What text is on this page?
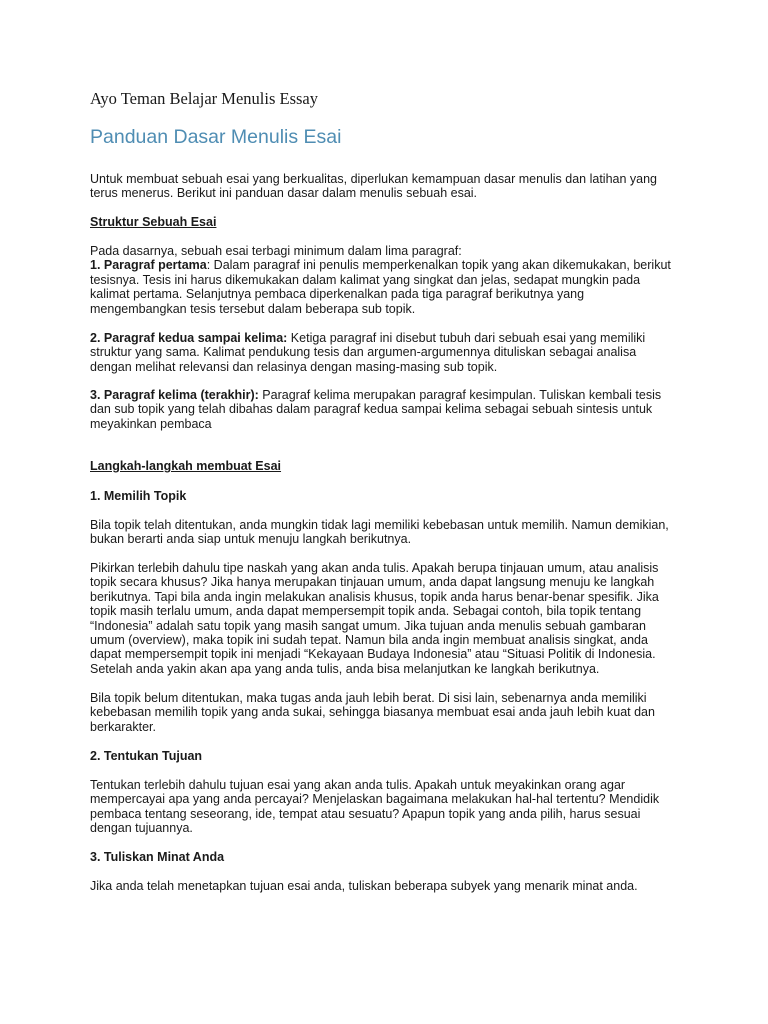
Ayo Teman Belajar Menulis Essay
Panduan Dasar Menulis Esai

Untuk membuat sebuah esai yang berkualitas, diperlukan kemampuan dasar menulis dan latihan yang terus menerus. Berikut ini panduan dasar dalam menulis sebuah esai.

Struktur Sebuah Esai

Pada dasarnya, sebuah esai terbagi minimum dalam lima paragraf:
1. Paragraf pertama: Dalam paragraf ini penulis memperkenalkan topik yang akan dikemukakan, berikut tesisnya. Tesis ini harus dikemukakan dalam kalimat yang singkat dan jelas, sedapat mungkin pada kalimat pertama. Selanjutnya pembaca diperkenalkan pada tiga paragraf berikutnya yang mengembangkan tesis tersebut dalam beberapa sub topik.

2. Paragraf kedua sampai kelima: Ketiga paragraf ini disebut tubuh dari sebuah esai yang memiliki struktur yang sama. Kalimat pendukung tesis dan argumen-argumennya dituliskan sebagai analisa dengan melihat relevansi dan relasinya dengan masing-masing sub topik.

3. Paragraf kelima (terakhir): Paragraf kelima merupakan paragraf kesimpulan. Tuliskan kembali tesis dan sub topik yang telah dibahas dalam paragraf kedua sampai kelima sebagai sebuah sintesis untuk meyakinkan pembaca

Langkah-langkah membuat Esai

1. Memilih Topik

Bila topik telah ditentukan, anda mungkin tidak lagi memiliki kebebasan untuk memilih. Namun demikian, bukan berarti anda siap untuk menuju langkah berikutnya.

Pikirkan terlebih dahulu tipe naskah yang akan anda tulis. Apakah berupa tinjauan umum, atau analisis topik secara khusus? Jika hanya merupakan tinjauan umum, anda dapat langsung menuju ke langkah berikutnya. Tapi bila anda ingin melakukan analisis khusus, topik anda harus benar-benar spesifik. Jika topik masih terlalu umum, anda dapat mempersempit topik anda. Sebagai contoh, bila topik tentang “Indonesia” adalah satu topik yang masih sangat umum. Jika tujuan anda menulis sebuah gambaran umum (overview), maka topik ini sudah tepat. Namun bila anda ingin membuat analisis singkat, anda dapat mempersempit topik ini menjadi “Kekayaan Budaya Indonesia” atau “Situasi Politik di Indonesia. Setelah anda yakin akan apa yang anda tulis, anda bisa melanjutkan ke langkah berikutnya.

Bila topik belum ditentukan, maka tugas anda jauh lebih berat. Di sisi lain, sebenarnya anda memiliki kebebasan memilih topik yang anda sukai, sehingga biasanya membuat esai anda jauh lebih kuat dan berkarakter.

2. Tentukan Tujuan

Tentukan terlebih dahulu tujuan esai yang akan anda tulis. Apakah untuk meyakinkan orang agar mempercayai apa yang anda percayai? Menjelaskan bagaimana melakukan hal-hal tertentu? Mendidik pembaca tentang seseorang, ide, tempat atau sesuatu? Apapun topik yang anda pilih, harus sesuai dengan tujuannya.

3. Tuliskan Minat Anda

Jika anda telah menetapkan tujuan esai anda, tuliskan beberapa subyek yang menarik minat anda.
